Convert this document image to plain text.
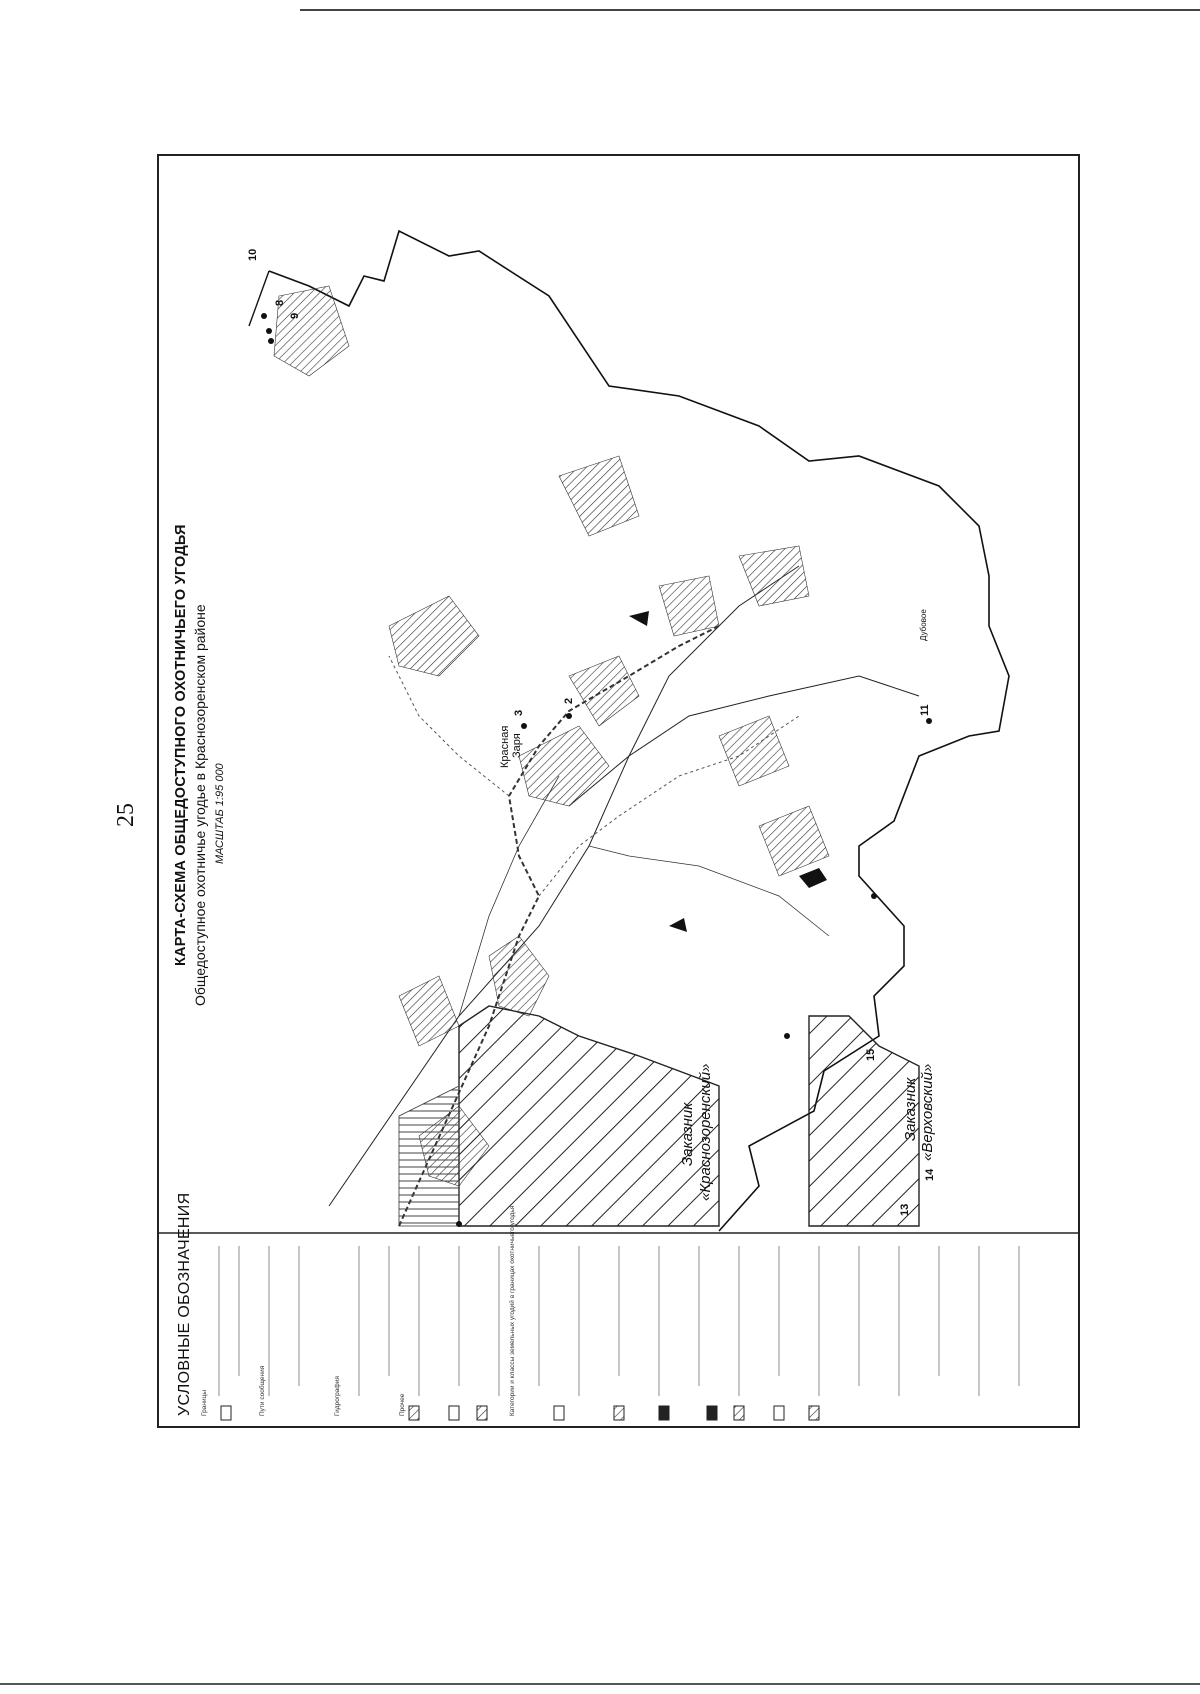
25 КАРТА-СХЕМА ОБЩЕДОСТУПНОГО ОХОТНИЧЬЕГО УГОДЬЯ Общедоступное охотничье угодье в Краснозоренском районе МАСШТАБ 1:95 000
Красная Заря
Дубовое
Заказник «Краснозоренский»	Заказник «Верховский»
2
3
8
9
10
11
13
14
15
УСЛОВНЫЕ ОБОЗНАЧЕНИЯ Границы	Пути сообщения	Гидрография	Прочее	Категории и классы земельных угодий в границах охотничьего угодья
